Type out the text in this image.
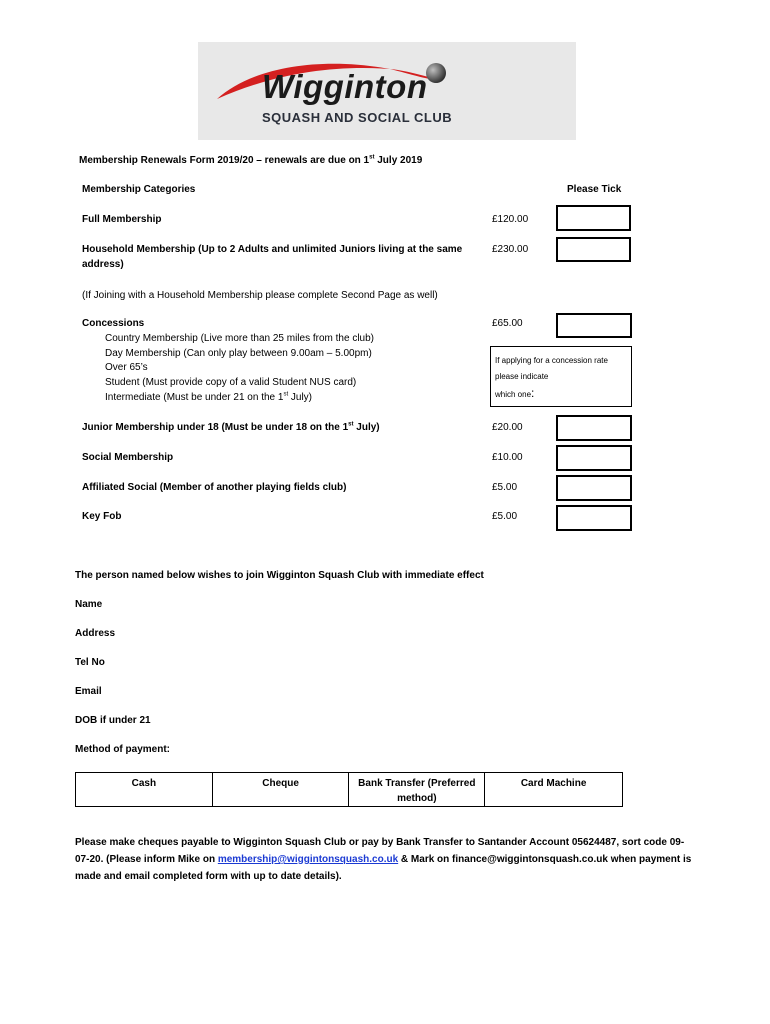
Wigginton
SQUASH AND SOCIAL CLUB
Membership Renewals Form 2019/20 – renewals are due on 1st July 2019
Membership Categories	Please Tick
Full Membership	£120.00
Household Membership (Up to 2 Adults and unlimited Juniors living at the same
address)
£230.00
(If Joining with a Household Membership please complete Second Page as well)
Concessions	£65.00
Country Membership (Live more than 25 miles from the club)
Day Membership (Can only play between 9.00am – 5.00pm)
Over 65’s
Student (Must provide copy of a valid Student NUS card)
Intermediate (Must be under 21 on the 1st July)
If applying for a concession rate please indicate
which one:
Junior Membership under 18 (Must be under 18 on the 1st July)	£20.00
Social Membership	£10.00
Affiliated Social (Member of another playing fields club)	£5.00
Key Fob	£5.00
The person named below wishes to join Wigginton Squash Club with immediate effect
Name
Address
Tel No
Email
DOB if under 21
Method of payment:
Cash	Cheque	Bank Transfer (Preferred
method)	Card Machine
Please make cheques payable to Wigginton Squash Club or pay by Bank Transfer to Santander Account 05624487, sort code 09-07-20. (Please inform Mike on membership@wiggintonsquash.co.uk & Mark on finance@wiggintonsquash.co.uk when payment is made and email completed form with up to date details).
